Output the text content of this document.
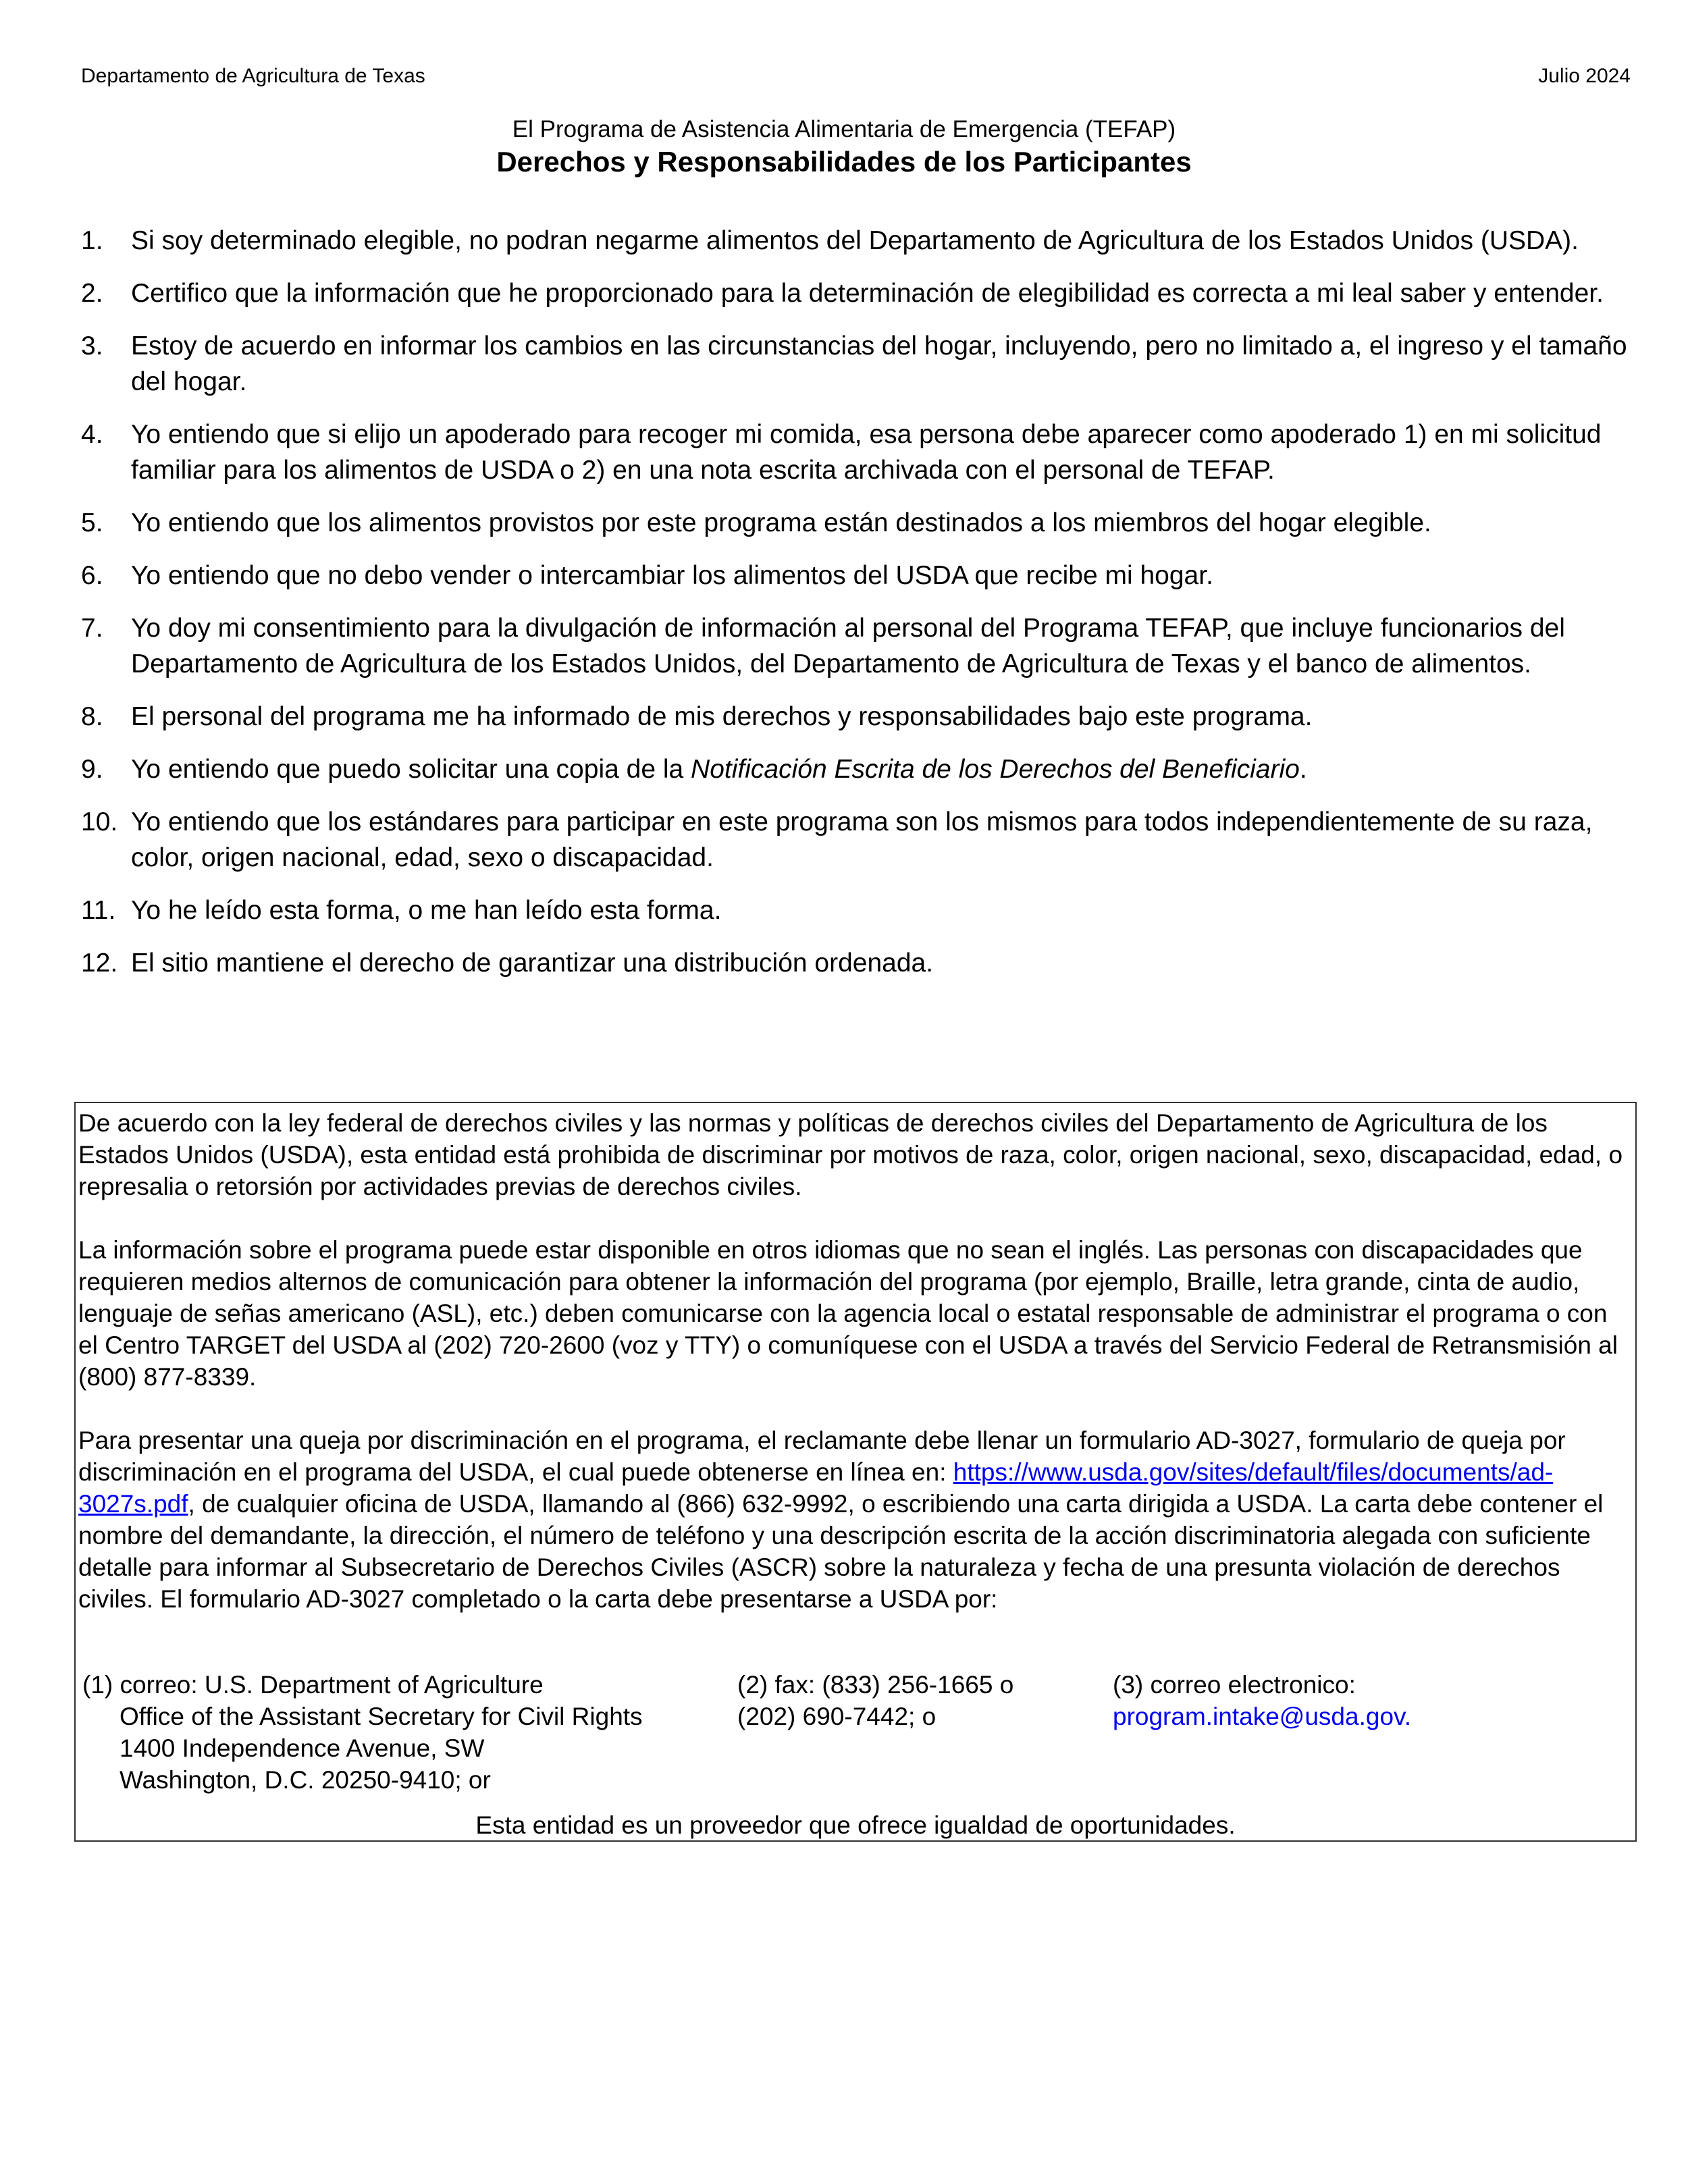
Departamento de Agricultura de Texas	Julio 2024
El Programa de Asistencia Alimentaria de Emergencia (TEFAP)
Derechos y Responsabilidades de los Participantes
1.	Si soy determinado elegible, no podran negarme alimentos del Departamento de Agricultura de los Estados Unidos (USDA).
2.	Certifico que la información que he proporcionado para la determinación de elegibilidad es correcta a mi leal saber y entender.
3.	Estoy de acuerdo en informar los cambios en las circunstancias del hogar, incluyendo, pero no limitado a, el ingreso y el tamaño del hogar.
4.	Yo entiendo que si elijo un apoderado para recoger mi comida, esa persona debe aparecer como apoderado 1) en mi solicitud familiar para los alimentos de USDA o 2) en una nota escrita archivada con el personal de TEFAP.
5.	Yo entiendo que los alimentos provistos por este programa están destinados a los miembros del hogar elegible.
6.	Yo entiendo que no debo vender o intercambiar los alimentos del USDA que recibe mi hogar.
7.	Yo doy mi consentimiento para la divulgación de información al personal del Programa TEFAP, que incluye funcionarios del Departamento de Agricultura de los Estados Unidos, del Departamento de Agricultura de Texas y el banco de alimentos.
8.	El personal del programa me ha informado de mis derechos y responsabilidades bajo este programa.
9.	Yo entiendo que puedo solicitar una copia de la Notificación Escrita de los Derechos del Beneficiario.
10. Yo entiendo que los estándares para participar en este programa son los mismos para todos independientemente de su raza, color, origen nacional, edad, sexo o discapacidad.
11. Yo he leído esta forma, o me han leído esta forma.
12. El sitio mantiene el derecho de garantizar una distribución ordenada.

De acuerdo con la ley federal de derechos civiles y las normas y políticas de derechos civiles del Departamento de Agricultura de los Estados Unidos (USDA), esta entidad está prohibida de discriminar por motivos de raza, color, origen nacional, sexo, discapacidad, edad, o represalia o retorsión por actividades previas de derechos civiles.

La información sobre el programa puede estar disponible en otros idiomas que no sean el inglés. Las personas con discapacidades que requieren medios alternos de comunicación para obtener la información del programa (por ejemplo, Braille, letra grande, cinta de audio, lenguaje de señas americano (ASL), etc.) deben comunicarse con la agencia local o estatal responsable de administrar el programa o con el Centro TARGET del USDA al (202) 720-2600 (voz y TTY) o comuníquese con el USDA a través del Servicio Federal de Retransmisión al (800) 877-8339.

Para presentar una queja por discriminación en el programa, el reclamante debe llenar un formulario AD-3027, formulario de queja por discriminación en el programa del USDA, el cual puede obtenerse en línea en: https://www.usda.gov/sites/default/files/documents/ad-3027s.pdf, de cualquier oficina de USDA, llamando al (866) 632-9992, o escribiendo una carta dirigida a USDA. La carta debe contener el nombre del demandante, la dirección, el número de teléfono y una descripción escrita de la acción discriminatoria alegada con suficiente detalle para informar al Subsecretario de Derechos Civiles (ASCR) sobre la naturaleza y fecha de una presunta violación de derechos civiles. El formulario AD-3027 completado o la carta debe presentarse a USDA por:

(1) correo: U.S. Department of Agriculture
Office of the Assistant Secretary for Civil Rights
1400 Independence Avenue, SW
Washington, D.C. 20250-9410; or
(2) fax: (833) 256-1665 o
(202) 690-7442; o
(3) correo electronico:
program.intake@usda.gov.
Esta entidad es un proveedor que ofrece igualdad de oportunidades.
